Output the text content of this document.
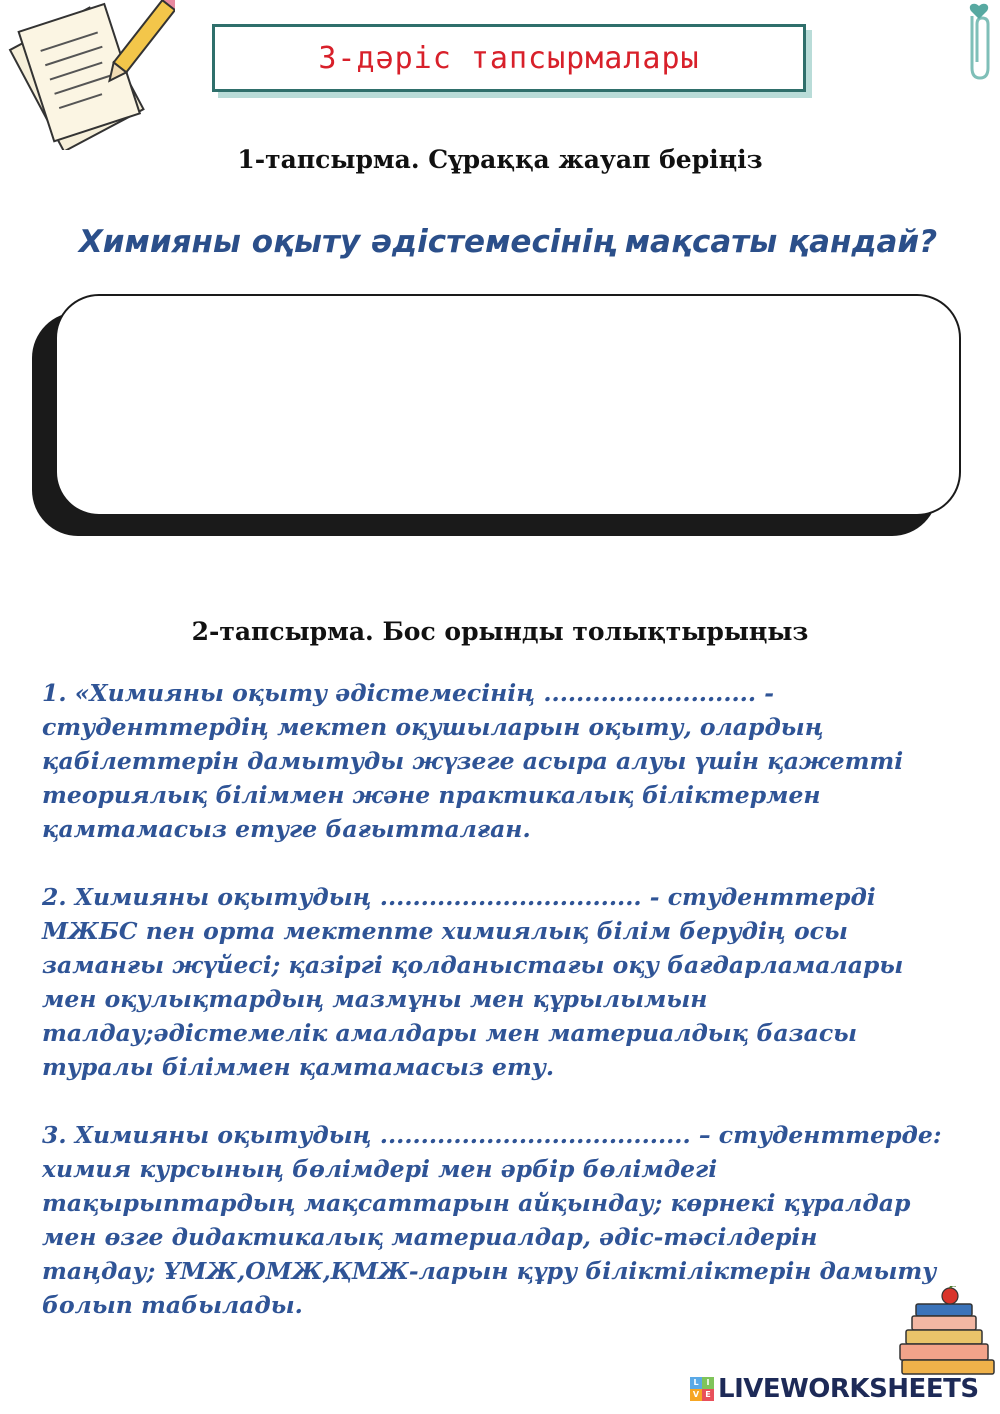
3-дәріс тапсырмалары
1-тапсырма. Сұраққа жауап беріңіз
Химияны оқыту әдістемесінің мақсаты қандай?
2-тапсырма. Бос орынды толықтырыңыз

1. «Химияны оқыту әдістемесінің .......................... -
студенттердің мектеп оқушыларын оқыту, олардың
қабілеттерін дамытуды жүзеге асыра алуы үшін қажетті
теориялық біліммен және практикалық біліктермен
қамтамасыз етуге бағытталған.

2. Химияны оқытудың ................................ - студенттерді
МЖБС пен орта мектепте химиялық білім берудің осы
заманғы жүйесі; қазіргі қолданыстағы оқу бағдарламалары
мен оқулықтардың мазмұны мен құрылымын
талдау;әдістемелік амалдары мен материалдық базасы
туралы біліммен қамтамасыз ету.

3. Химияны оқытудың ...................................... – студенттерде:
химия курсының бөлімдері мен әрбір бөлімдегі
тақырыптардың мақсаттарын айқындау; көрнекі құралдар
мен өзге дидактикалық материалдар, әдіс-тәсілдерін
таңдау; ҰМЖ,ОМЖ,ҚМЖ-ларын құру біліктіліктерін дамыту
болып табылады.

L I
V E LIVEWORKSHEETS
